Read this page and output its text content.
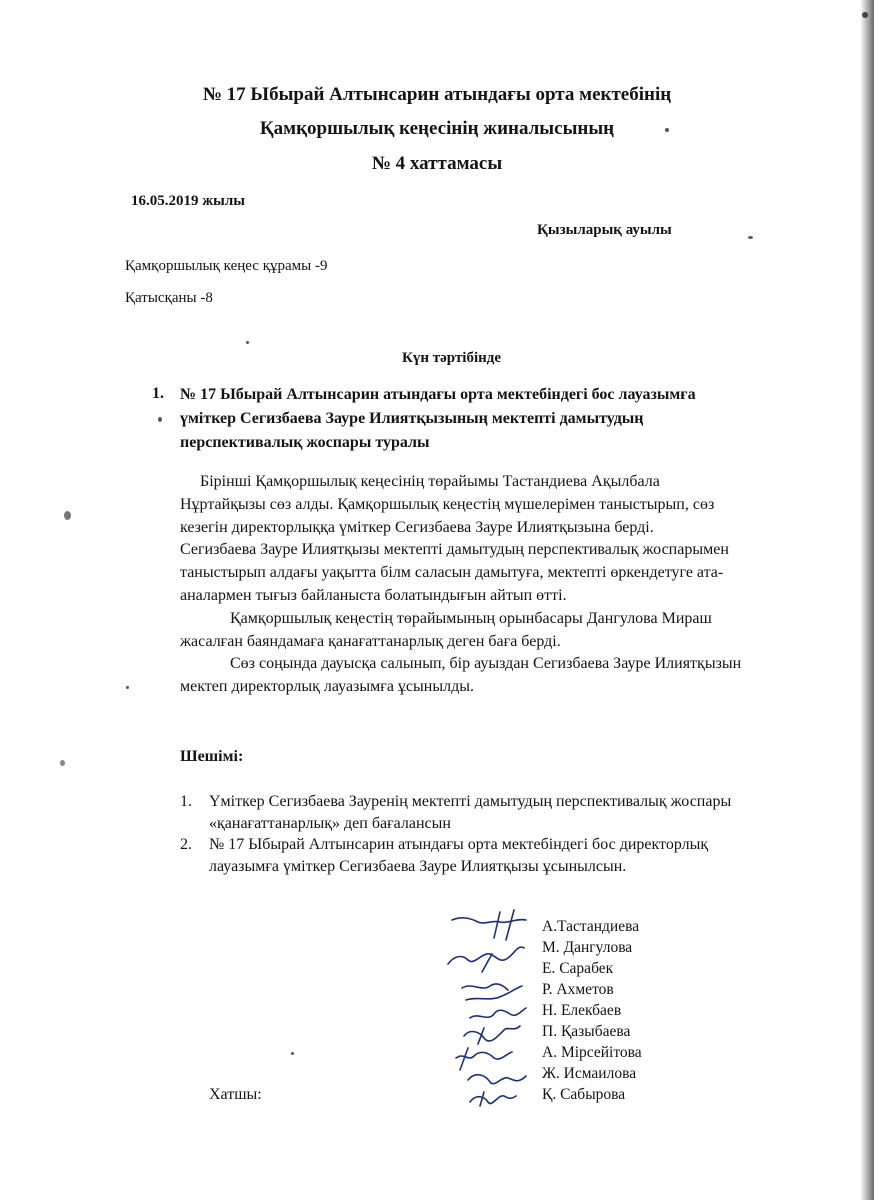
№ 17 Ыбырай Алтынсарин атындағы орта мектебінің
Қамқоршылық кеңесінің жиналысының
№ 4 хаттамасы
16.05.2019 жылы
Қызыларық ауылы
Қамқоршылық кеңес құрамы -9
Қатысқаны -8
Күн тәртібінде
1. № 17 Ыбырай Алтынсарин атындағы орта мектебіндегі бос лауазымға

үміткер Сегизбаева Зауре Илиятқызының мектепті дамытудың

перспективалық жоспары туралы

Бірінші Қамқоршылық кеңесінің төрайымы Тастандиева Ақылбала

Нұртайқызы сөз алды. Қамқоршылық кеңестің мүшелерімен таныстырып, сөз

кезегін директорлыққа үміткер Сегизбаева Зауре Илиятқызына берді.

Сегизбаева Зауре Илиятқызы мектепті дамытудың перспективалық жоспарымен

таныстырып алдағы уақытта білм саласын дамытуға, мектепті өркендетуге ата-

аналармен тығыз байланыста болатындығын айтып өтті.

Қамқоршылық кеңестің төрайымының орынбасары Дангулова Мираш

жасалған баяндамаға қанағаттанарлық деген баға берді.

Сөз соңында дауысқа салынып, бір ауыздан Сегизбаева Зауре Илиятқызын

мектеп директорлық лауазымға ұсынылды.

Шешімі:
1. Үміткер Сегизбаева Зауренің мектепті дамытудың перспективалық жоспары

«қанағаттанарлық» деп бағалансын

2. № 17 Ыбырай Алтынсарин атындағы орта мектебіндегі бос директорлық

лауазымға үміткер Сегизбаева Зауре Илиятқызы ұсынылсын.

А.Тастандиева
М. Дангулова
Е. Сарабек
Р. Ахметов
Н. Елекбаев
П. Қазыбаева
А. Мірсейітова
Ж. Исмаилова
Қ. Сабырова
Хатшы:
